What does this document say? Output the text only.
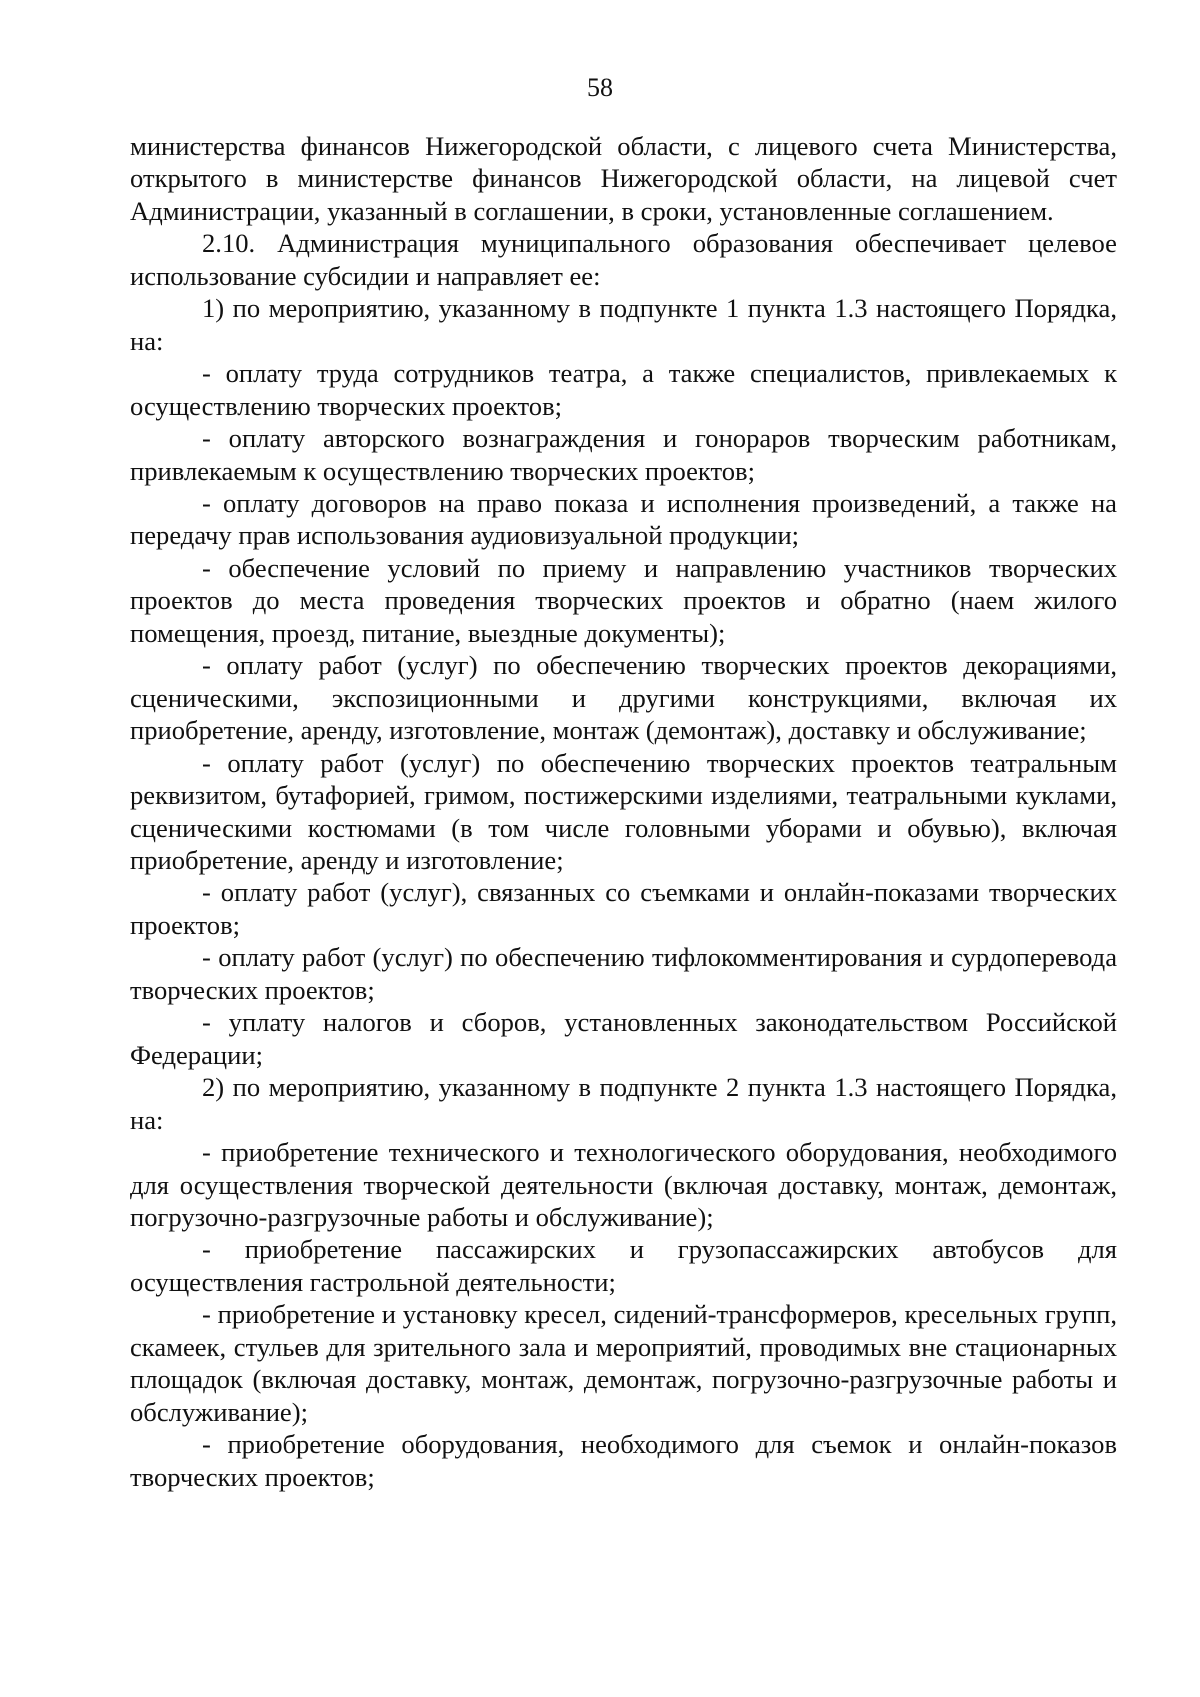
58

министерства финансов Нижегородской области, с лицевого счета Министерства, открытого в министерстве финансов Нижегородской области, на лицевой счет Администрации, указанный в соглашении, в сроки, установленные соглашением.

2.10. Администрация муниципального образования обеспечивает целевое использование субсидии и направляет ее:

1) по мероприятию, указанному в подпункте 1 пункта 1.3 настоящего Порядка, на:

- оплату труда сотрудников театра, а также специалистов, привлекаемых к осуществлению творческих проектов;

- оплату авторского вознаграждения и гонораров творческим работникам, привлекаемым к осуществлению творческих проектов;

- оплату договоров на право показа и исполнения произведений, а также на передачу прав использования аудиовизуальной продукции;

- обеспечение условий по приему и направлению участников творческих проектов до места проведения творческих проектов и обратно (наем жилого помещения, проезд, питание, выездные документы);

- оплату работ (услуг) по обеспечению творческих проектов декорациями, сценическими, экспозиционными и другими конструкциями, включая их приобретение, аренду, изготовление, монтаж (демонтаж), доставку и обслуживание;

- оплату работ (услуг) по обеспечению творческих проектов театральным реквизитом, бутафорией, гримом, постижерскими изделиями, театральными куклами, сценическими костюмами (в том числе головными уборами и обувью), включая приобретение, аренду и изготовление;

- оплату работ (услуг), связанных со съемками и онлайн-показами творческих проектов;

- оплату работ (услуг) по обеспечению тифлокомментирования и сурдоперевода творческих проектов;

- уплату налогов и сборов, установленных законодательством Российской Федерации;

2) по мероприятию, указанному в подпункте 2 пункта 1.3 настоящего Порядка, на:

- приобретение технического и технологического оборудования, необходимого для осуществления творческой деятельности (включая доставку, монтаж, демонтаж, погрузочно-разгрузочные работы и обслуживание);

- приобретение пассажирских и грузопассажирских автобусов для осуществления гастрольной деятельности;

- приобретение и установку кресел, сидений-трансформеров, кресельных групп, скамеек, стульев для зрительного зала и мероприятий, проводимых вне стационарных площадок (включая доставку, монтаж, демонтаж, погрузочно-разгрузочные работы и обслуживание);

- приобретение оборудования, необходимого для съемок и онлайн-показов творческих проектов;
